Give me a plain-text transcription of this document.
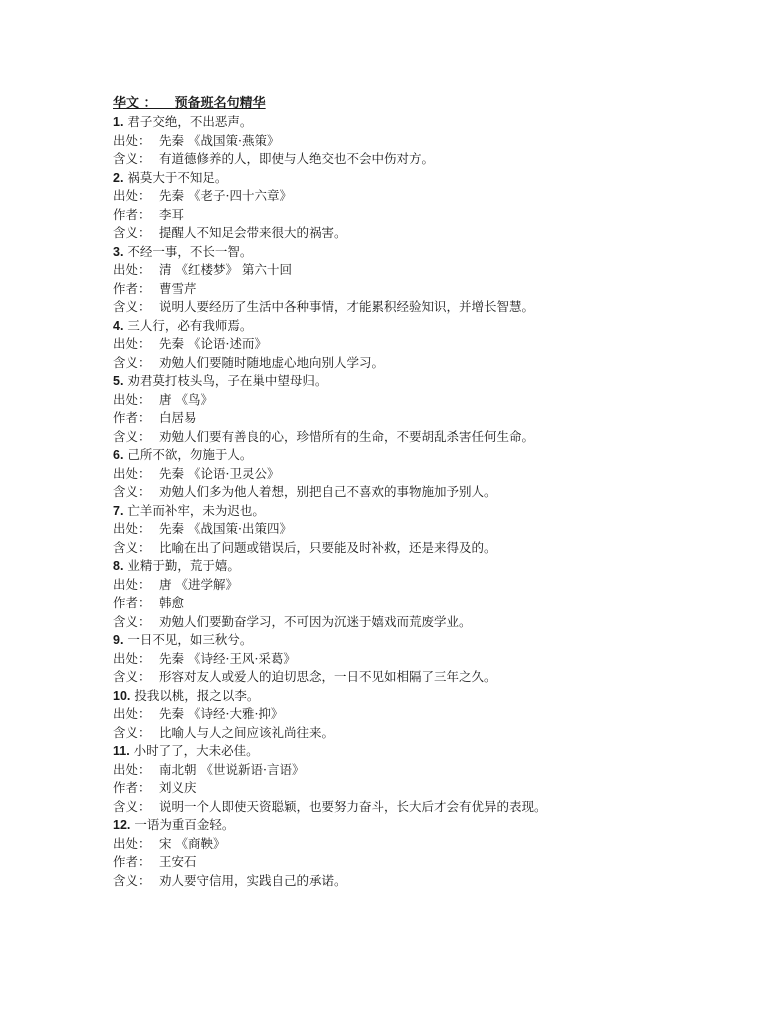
华文 ：    预备班名句精华
1. 君子交绝，不出恶声。
出处： 先秦 《战国策·燕策》
含义： 有道德修养的人，即使与人绝交也不会中伤对方。
2. 祸莫大于不知足。
出处： 先秦 《老子·四十六章》
作者： 李耳
含义： 提醒人不知足会带来很大的祸害。
3. 不经一事，不长一智。
出处： 清 《红楼梦》 第六十回
作者： 曹雪芹
含义： 说明人要经历了生活中各种事情，才能累积经验知识，并增长智慧。
4. 三人行，必有我师焉。
出处： 先秦 《论语·述而》
含义： 劝勉人们要随时随地虚心地向别人学习。
5. 劝君莫打枝头鸟，子在巢中望母归。
出处： 唐 《鸟》
作者： 白居易
含义： 劝勉人们要有善良的心，珍惜所有的生命，不要胡乱杀害任何生命。
6. 己所不欲，勿施于人。
出处： 先秦 《论语·卫灵公》
含义： 劝勉人们多为他人着想，别把自己不喜欢的事物施加予别人。
7. 亡羊而补牢，未为迟也。
出处： 先秦 《战国策·出策四》
含义： 比喻在出了问题或错误后，只要能及时补救，还是来得及的。
8. 业精于勤，荒于嬉。
出处： 唐 《进学解》
作者： 韩愈
含义： 劝勉人们要勤奋学习，不可因为沉迷于嬉戏而荒废学业。
9. 一日不见，如三秋兮。
出处： 先秦 《诗经·王风·采葛》
含义： 形容对友人或爱人的迫切思念，一日不见如相隔了三年之久。
10. 投我以桃，报之以李。
出处： 先秦 《诗经·大雅·抑》
含义： 比喻人与人之间应该礼尚往来。
11. 小时了了，大未必佳。
出处： 南北朝 《世说新语·言语》
作者： 刘义庆
含义： 说明一个人即使天资聪颖，也要努力奋斗，长大后才会有优异的表现。
12. 一语为重百金轻。
出处： 宋 《商鞅》
作者： 王安石
含义： 劝人要守信用，实践自己的承诺。
